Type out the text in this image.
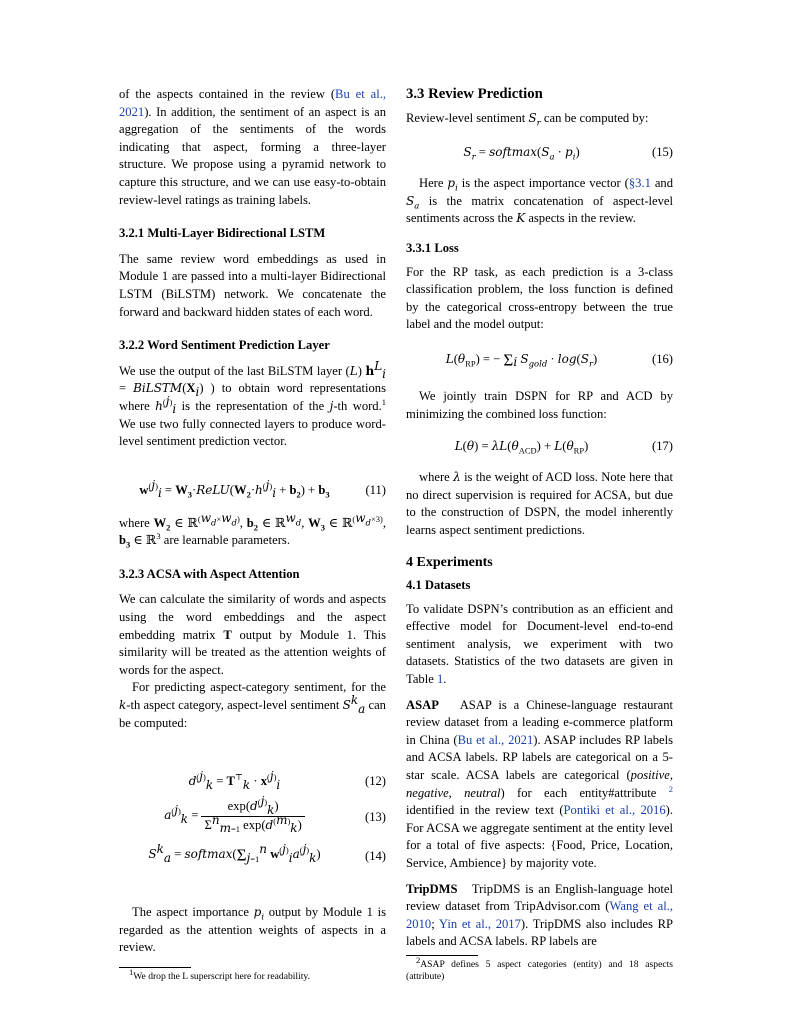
of the aspects contained in the review (Bu et al., 2021). In addition, the sentiment of an aspect is an aggregation of the sentiments of the words indicating that aspect, forming a three-layer structure. We propose using a pyramid network to capture this structure, and we can use easy-to-obtain review-level ratings as training labels.

3.2.1 Multi-Layer Bidirectional LSTM

The same review word embeddings as used in Module 1 are passed into a multi-layer Bidirectional LSTM (BiLSTM) network. We concatenate the forward and backward hidden states of each word.

3.2.2 Word Sentiment Prediction Layer

We use the output of the last BiLSTM layer (L) $h^L_i$ = $BiLSTM(X_i)$ ) to obtain word representations where $h^{(j)}_i$ is the representation of the j-th word.$^1$ We use two fully connected layers to produce word-level sentiment prediction vector.

$w^{(j)}_i$ = $W_3\cdot ReLU(W_2\cdot h^{(j)}_i + b_2) + b_3$	(11)

where $W_2$ ∈ ℝ$^{(w_d\times w_d)}$, $b_2$ ∈ ℝ$^{w_d}$, $W_3$ ∈ ℝ$^{(w_d\times 3)}$, $b_3$ ∈ ℝ$^3$ are learnable parameters.

3.2.3 ACSA with Aspect Attention

We can calculate the similarity of words and aspects using the word embeddings and the aspect embedding matrix T output by Module 1. This similarity will be treated as the attention weights of words for the aspect.

For predicting aspect-category sentiment, for the k-th aspect category, aspect-level sentiment $S^k_a$ can be computed:

$d^{(j)}_k = T^⊤_k \cdot x^{(j)}_i$	(12)
$a^{(j)}_k = \frac{\exp(d^{(j)}_k)}{\Sigma^n_{m=1} \exp(d^{(m)}_k)}$	(13)
$S^k_a$ = $softmax(\Sigma_{j=1}^n$ $w^{(j)}_ia^{(j)}_k$)	(14)

The aspect importance $p_i$ output by Module 1 is regarded as the attention weights of aspects in a review.

$^1$We drop the L superscript here for readability.

3.3 Review Prediction

Review-level sentiment $S_r$ can be computed by:

$S_r$ = $softmax(S_a \cdot p_i)$	(15)

Here $p_i$ is the aspect importance vector (§3.1 and $S_a$ is the matrix concatenation of aspect-level sentiments across the K aspects in the review.

3.3.1 Loss

For the RP task, as each prediction is a 3-class classification problem, the loss function is defined by the categorical cross-entropy between the true label and the model output:

$L(\theta_{RP})$ = − $\Sigma_i$ $S_{gold} \cdot \log(S_r)$	(16)

We jointly train DSPN for RP and ACD by minimizing the combined loss function:

$L(\theta) = \lambda L(\theta_{ACD}) + L(\theta_{RP})$	(17)

where λ is the weight of ACD loss. Note here that no direct supervision is required for ACSA, but due to the construction of DSPN, the model inherently learns aspect sentiment predictions.

4 Experiments
4.1 Datasets

To validate DSPN’s contribution as an efficient and effective model for Document-level end-to-end sentiment analysis, we experiment with two datasets. Statistics of the two datasets are given in Table 1.

ASAP ASAP is a Chinese-language restaurant review dataset from a leading e-commerce platform in China (Bu et al., 2021). ASAP includes RP labels and ACSA labels. RP labels are categorical on a 5-star scale. ACSA labels are categorical (positive, negative, neutral) for each entity#attribute $^2$ identified in the review text (Pontiki et al., 2016). For ACSA we aggregate sentiment at the entity level for a total of five aspects: {Food, Price, Location, Service, Ambience} by majority vote.

TripDMS TripDMS is an English-language hotel review dataset from TripAdvisor.com (Wang et al., 2010; Yin et al., 2017). TripDMS also includes RP labels and ACSA labels. RP labels are

$^2$ASAP defines 5 aspect categories (entity) and 18 aspects (attribute)
